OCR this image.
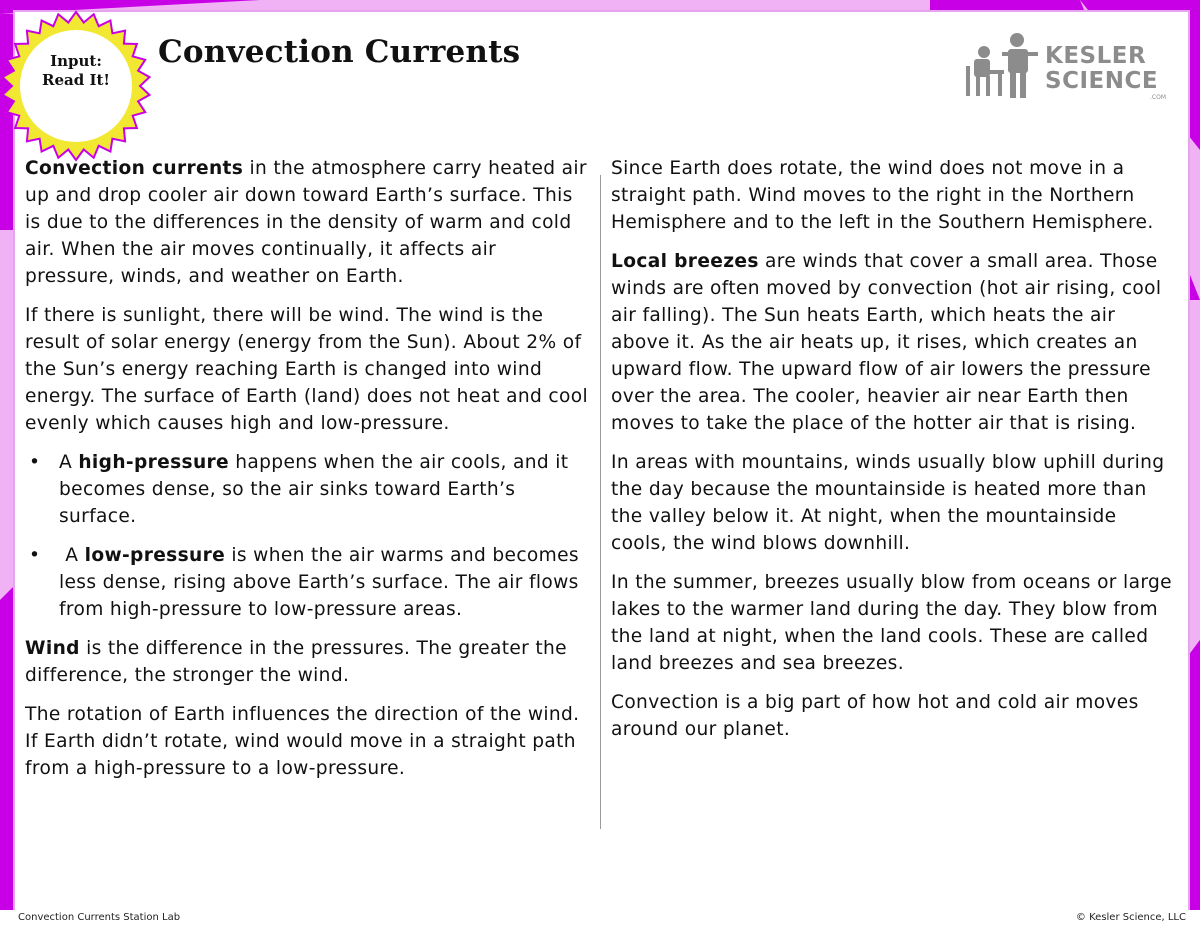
Input:
Read It!
Convection Currents	KESLER
SCIENCE
.COM

Convection currents in the atmosphere carry heated air up and drop cooler air down toward Earth’s surface. This is due to the differences in the density of warm and cold air. When the air moves continually, it affects air pressure, winds, and weather on Earth.

If there is sunlight, there will be wind. The wind is the result of solar energy (energy from the Sun). About 2% of the Sun’s energy reaching Earth is changed into wind energy. The surface of Earth (land) does not heat and cool evenly which causes high and low-pressure.

•	A high-pressure happens when the air cools, and it becomes dense, so the air sinks toward Earth’s surface.
•	A low-pressure is when the air warms and becomes less dense, rising above Earth’s surface. The air flows from high-pressure to low-pressure areas.

Wind is the difference in the pressures. The greater the difference, the stronger the wind.

The rotation of Earth influences the direction of the wind. If Earth didn’t rotate, wind would move in a straight path from a high-pressure to a low-pressure.

Since Earth does rotate, the wind does not move in a straight path. Wind moves to the right in the Northern Hemisphere and to the left in the Southern Hemisphere.

Local breezes are winds that cover a small area. Those winds are often moved by convection (hot air rising, cool air falling). The Sun heats Earth, which heats the air above it. As the air heats up, it rises, which creates an upward flow. The upward flow of air lowers the pressure over the area. The cooler, heavier air near Earth then moves to take the place of the hotter air that is rising.

In areas with mountains, winds usually blow uphill during the day because the mountainside is heated more than the valley below it. At night, when the mountainside cools, the wind blows downhill.

In the summer, breezes usually blow from oceans or large lakes to the warmer land during the day. They blow from the land at night, when the land cools. These are called land breezes and sea breezes.

Convection is a big part of how hot and cold air moves around our planet.

Convection Currents Station Lab	© Kesler Science, LLC
